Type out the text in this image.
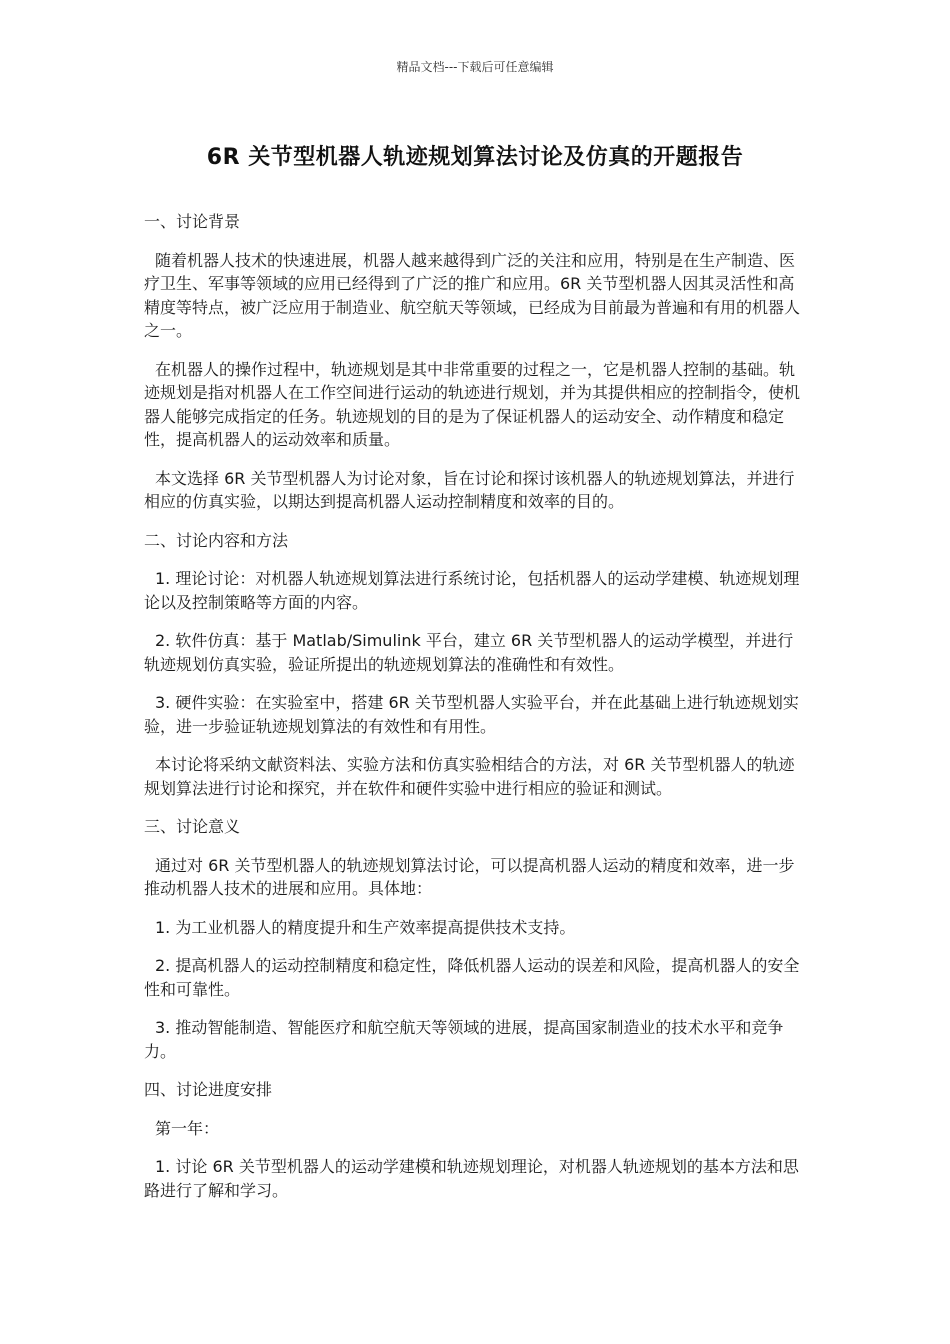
精品文档---下载后可任意编辑
6R 关节型机器人轨迹规划算法讨论及仿真的开题报告
一、讨论背景

随着机器人技术的快速进展，机器人越来越得到广泛的关注和应用，特别是在生产制造、医疗卫生、军事等领域的应用已经得到了广泛的推广和应用。6R 关节型机器人因其灵活性和高精度等特点，被广泛应用于制造业、航空航天等领域，已经成为目前最为普遍和有用的机器人之一。

在机器人的操作过程中，轨迹规划是其中非常重要的过程之一，它是机器人控制的基础。轨迹规划是指对机器人在工作空间进行运动的轨迹进行规划，并为其提供相应的控制指令，使机器人能够完成指定的任务。轨迹规划的目的是为了保证机器人的运动安全、动作精度和稳定性，提高机器人的运动效率和质量。

本文选择 6R 关节型机器人为讨论对象，旨在讨论和探讨该机器人的轨迹规划算法，并进行相应的仿真实验，以期达到提高机器人运动控制精度和效率的目的。

二、讨论内容和方法

1. 理论讨论：对机器人轨迹规划算法进行系统讨论，包括机器人的运动学建模、轨迹规划理论以及控制策略等方面的内容。

2. 软件仿真：基于 Matlab/Simulink 平台，建立 6R 关节型机器人的运动学模型，并进行轨迹规划仿真实验，验证所提出的轨迹规划算法的准确性和有效性。

3. 硬件实验：在实验室中，搭建 6R 关节型机器人实验平台，并在此基础上进行轨迹规划实验，进一步验证轨迹规划算法的有效性和有用性。

本讨论将采纳文献资料法、实验方法和仿真实验相结合的方法，对 6R 关节型机器人的轨迹规划算法进行讨论和探究，并在软件和硬件实验中进行相应的验证和测试。

三、讨论意义

通过对 6R 关节型机器人的轨迹规划算法讨论，可以提高机器人运动的精度和效率，进一步推动机器人技术的进展和应用。具体地：

1. 为工业机器人的精度提升和生产效率提高提供技术支持。

2. 提高机器人的运动控制精度和稳定性，降低机器人运动的误差和风险，提高机器人的安全性和可靠性。

3. 推动智能制造、智能医疗和航空航天等领域的进展，提高国家制造业的技术水平和竞争力。

四、讨论进度安排

第一年：

1. 讨论 6R 关节型机器人的运动学建模和轨迹规划理论，对机器人轨迹规划的基本方法和思路进行了解和学习。
